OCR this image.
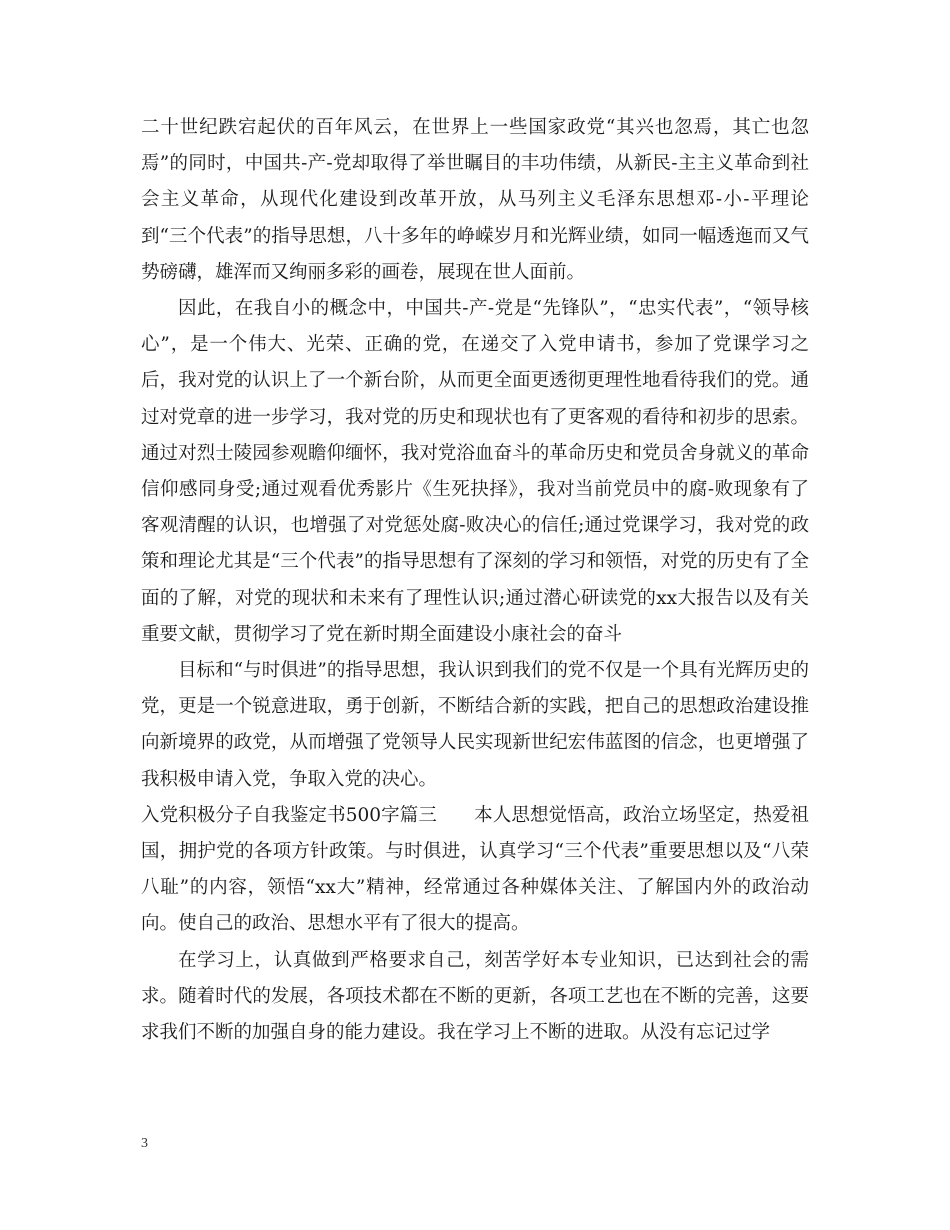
二十世纪跌宕起伏的百年风云，在世界上一些国家政党“其兴也忽焉，其亡也忽焉”的同时，中国共-产-党却取得了举世瞩目的丰功伟绩，从新民-主主义革命到社会主义革命，从现代化建设到改革开放，从马列主义毛泽东思想邓-小-平理论到“三个代表”的指导思想，八十多年的峥嵘岁月和光辉业绩，如同一幅透迤而又气势磅礴，雄浑而又绚丽多彩的画卷，展现在世人面前。

因此，在我自小的概念中，中国共-产-党是“先锋队”，“忠实代表”，“领导核心”，是一个伟大、光荣、正确的党，在递交了入党申请书，参加了党课学习之后，我对党的认识上了一个新台阶，从而更全面更透彻更理性地看待我们的党。通过对党章的进一步学习，我对党的历史和现状也有了更客观的看待和初步的思索。通过对烈士陵园参观瞻仰缅怀，我对党浴血奋斗的革命历史和党员舍身就义的革命信仰感同身受;通过观看优秀影片《生死抉择》，我对当前党员中的腐-败现象有了客观清醒的认识，也增强了对党惩处腐-败决心的信任;通过党课学习，我对党的政策和理论尤其是“三个代表”的指导思想有了深刻的学习和领悟，对党的历史有了全面的了解，对党的现状和未来有了理性认识;通过潜心研读党的xx大报告以及有关重要文献，贯彻学习了党在新时期全面建设小康社会的奋斗

目标和“与时俱进”的指导思想，我认识到我们的党不仅是一个具有光辉历史的党，更是一个锐意进取，勇于创新，不断结合新的实践，把自己的思想政治建设推向新境界的政党，从而增强了党领导人民实现新世纪宏伟蓝图的信念，也更增强了我积极申请入党，争取入党的决心。

入党积极分子自我鉴定书500字篇三　　本人思想觉悟高，政治立场坚定，热爱祖国，拥护党的各项方针政策。与时俱进，认真学习“三个代表”重要思想以及“八荣八耻”的内容，领悟“xx大”精神，经常通过各种媒体关注、了解国内外的政治动向。使自己的政治、思想水平有了很大的提高。

在学习上，认真做到严格要求自己，刻苦学好本专业知识，已达到社会的需求。随着时代的发展，各项技术都在不断的更新，各项工艺也在不断的完善，这要求我们不断的加强自身的能力建设。我在学习上不断的进取。从没有忘记过学

3
